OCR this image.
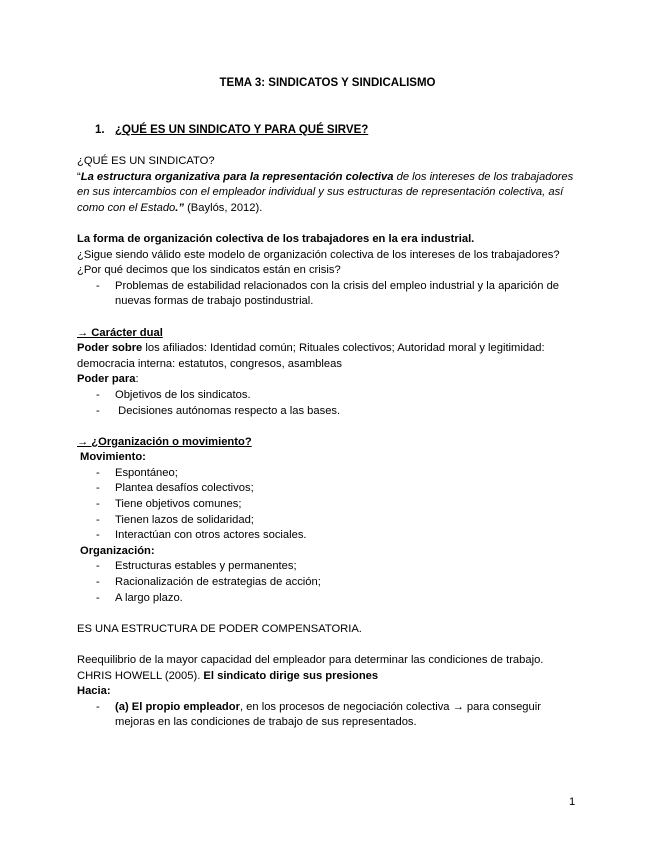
TEMA 3: SINDICATOS Y SINDICALISMO
1. ¿QUÉ ES UN SINDICATO Y PARA QUÉ SIRVE?

¿QUÉ ES UN SINDICATO?

“La estructura organizativa para la representación colectiva de los intereses de los trabajadores en sus intercambios con el empleador individual y sus estructuras de representación colectiva, así como con el Estado.” (Baylós, 2012).

La forma de organización colectiva de los trabajadores en la era industrial.

¿Sigue siendo válido este modelo de organización colectiva de los intereses de los trabajadores?

¿Por qué decimos que los sindicatos están en crisis?

- Problemas de estabilidad relacionados con la crisis del empleo industrial y la aparición de nuevas formas de trabajo postindustrial.

→ Carácter dual

Poder sobre los afiliados: Identidad común; Rituales colectivos; Autoridad moral y legitimidad: democracia interna: estatutos, congresos, asambleas

Poder para:

- Objetivos de los sindicatos.
-  Decisiones autónomas respecto a las bases.

→ ¿Organización o movimiento?

Movimiento:

- Espontáneo;
- Plantea desafíos colectivos;
- Tiene objetivos comunes;
- Tienen lazos de solidaridad;
- Interactúan con otros actores sociales.

Organización:

- Estructuras estables y permanentes;
- Racionalización de estrategias de acción;
- A largo plazo.

ES UNA ESTRUCTURA DE PODER COMPENSATORIA.

Reequilibrio de la mayor capacidad del empleador para determinar las condiciones de trabajo.

CHRIS HOWELL (2005). El sindicato dirige sus presiones

Hacia:

- (a) El propio empleador, en los procesos de negociación colectiva → para conseguir mejoras en las condiciones de trabajo de sus representados.
1
